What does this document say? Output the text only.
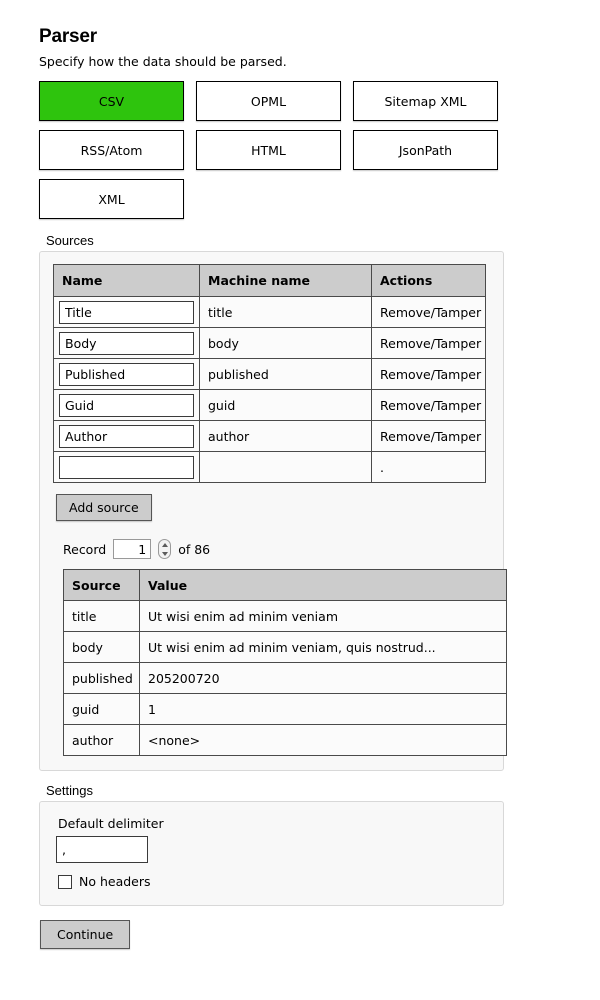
Parser

Specify how the data should be parsed.

CSV	OPML	Sitemap XML
RSS/Atom	HTML	JsonPath
XML
Sources
Name	Machine name	Actions
Title	title	Remove/Tamper
Body	body	Remove/Tamper
Published	published	Remove/Tamper
Guid	guid	Remove/Tamper
Author	author	Remove/Tamper
		.
Add source
Record
1	of 86
Source	Value
title	Ut wisi enim ad minim veniam
body	Ut wisi enim ad minim veniam, quis nostrud...
published	205200720
guid	1
author	<none>
Settings
Default delimiter
,
No headers
Continue
